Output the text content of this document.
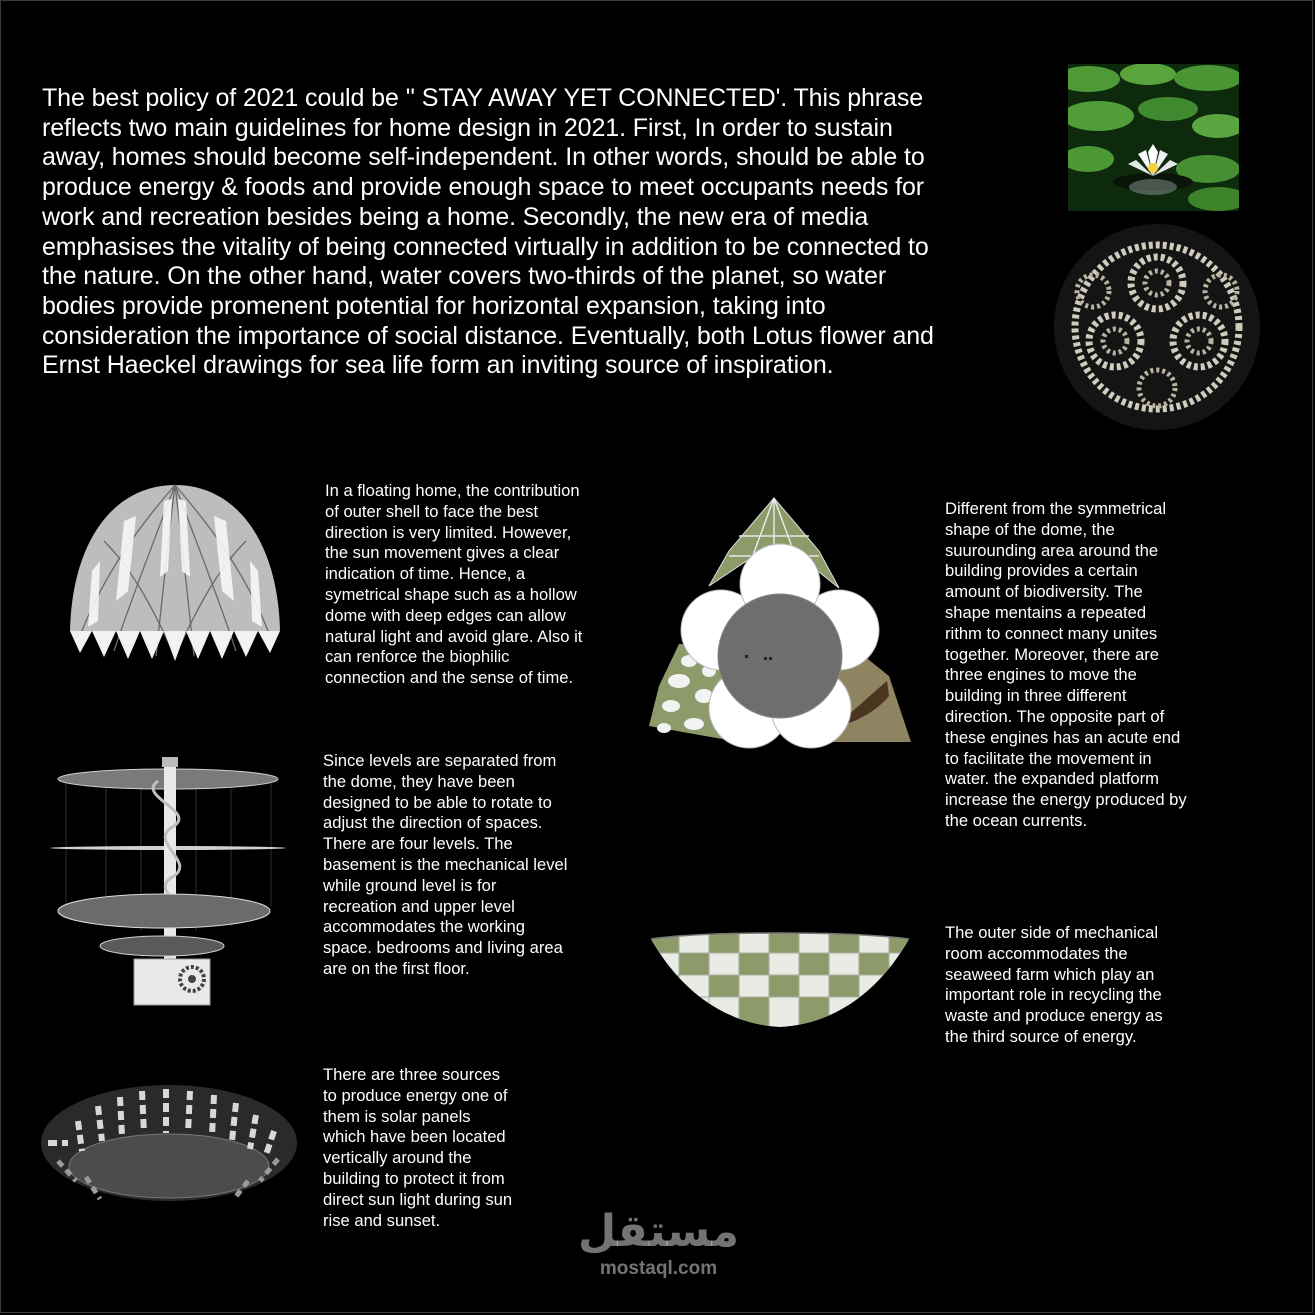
The best policy of 2021 could be '' STAY AWAY YET CONNECTED'. This phrase
reflects two main guidelines for home design in 2021. First, In order to sustain
away, homes should become self-independent. In other words, should be able to
produce energy & foods and provide enough space to meet occupants needs for
work and recreation besides being a home. Secondly, the new era of media
emphasises the vitality of being connected virtually in addition to be connected to
the nature. On the other hand, water covers two-thirds of the planet, so water
bodies provide promenent potential for horizontal expansion, taking into
consideration the importance of social distance. Eventually, both Lotus flower and
Ernst Haeckel drawings for sea life form an inviting source of inspiration.
In a floating home, the contribution
of outer shell to face the best
direction is very limited. However,
the sun movement gives a clear
indication of time. Hence, a
symetrical shape such as a hollow
dome with deep edges can allow
natural light and avoid glare. Also it
can renforce the biophilic
connection and the sense of time.
Since levels are separated from
the dome, they have been
designed to be able to rotate to
adjust the direction of spaces.
There are four levels. The
basement is the mechanical level
while ground level is for
recreation and upper level
accommodates the working
space. bedrooms and living area
are on the first floor.
There are three sources
to produce energy one of
them is solar panels
which have been located
vertically around the
building to protect it from
direct sun light during sun
rise and sunset.
Different from the symmetrical
shape of the dome, the
suurounding area around the
building provides a certain
amount of biodiversity. The
shape mentains a repeated
rithm to connect many unites
together. Moreover, there are
three engines to move the
building in three different
direction. The opposite part of
these engines has an acute end
to facilitate the movement in
water. the expanded platform
increase the energy produced by
the ocean currents.
The outer side of mechanical
room accommodates the
seaweed farm which play an
important role in recycling the
waste and produce energy as
the third source of energy.
مستقل
mostaql.com
